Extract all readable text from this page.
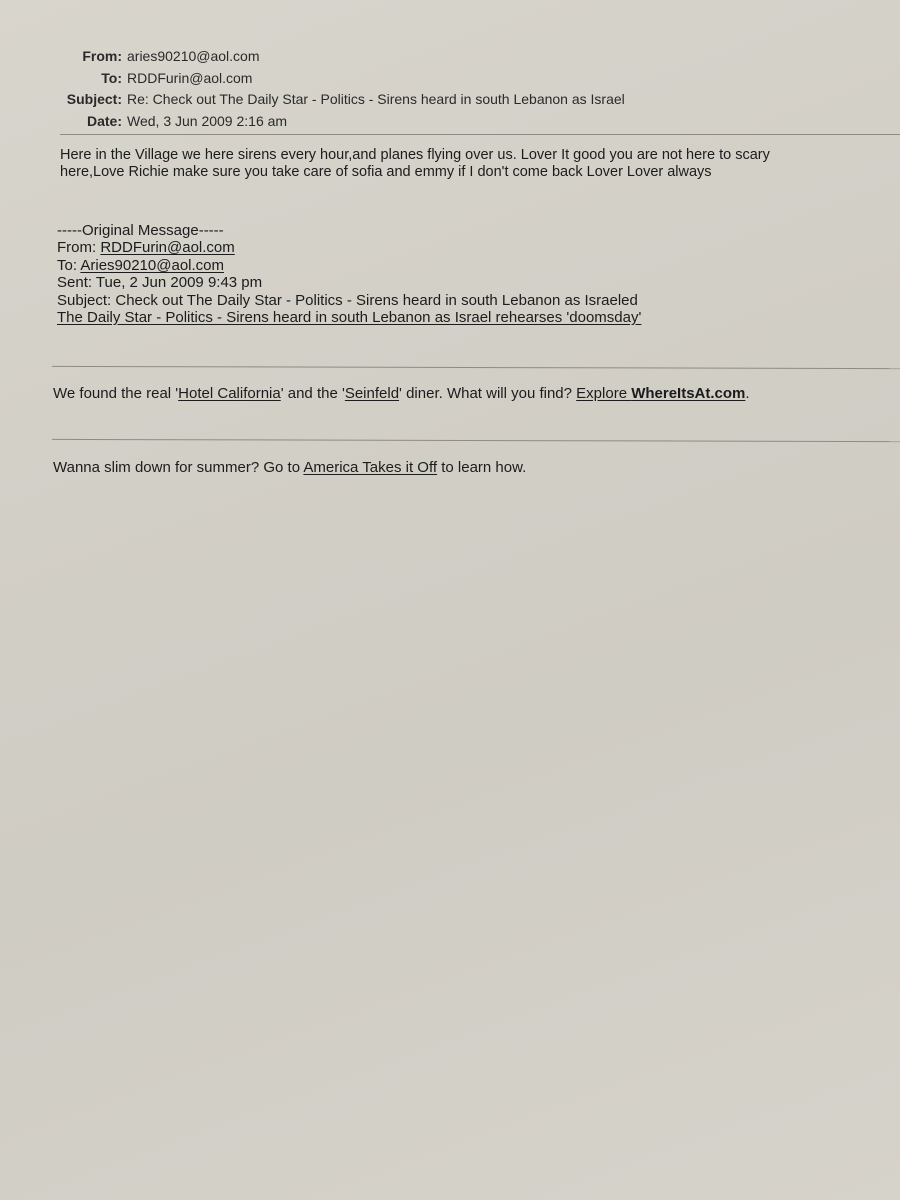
From: aries90210@aol.com
To: RDDFurin@aol.com
Subject: Re: Check out The Daily Star - Politics - Sirens heard in south Lebanon as Israel
Date: Wed, 3 Jun 2009 2:16 am
Here in the Village we here sirens every hour,and planes flying over us. Lover It good you are not here to scary
here,Love Richie make sure you take care of sofia and emmy if I don't come back Lover Lover always
-----Original Message-----
From: RDDFurin@aol.com
To: Aries90210@aol.com
Sent: Tue, 2 Jun 2009 9:43 pm
Subject: Check out The Daily Star - Politics - Sirens heard in south Lebanon as Israeled
The Daily Star - Politics - Sirens heard in south Lebanon as Israel rehearses 'doomsday'
We found the real 'Hotel California' and the 'Seinfeld' diner. What will you find? Explore WhereItsAt.com.
Wanna slim down for summer? Go to America Takes it Off to learn how.
